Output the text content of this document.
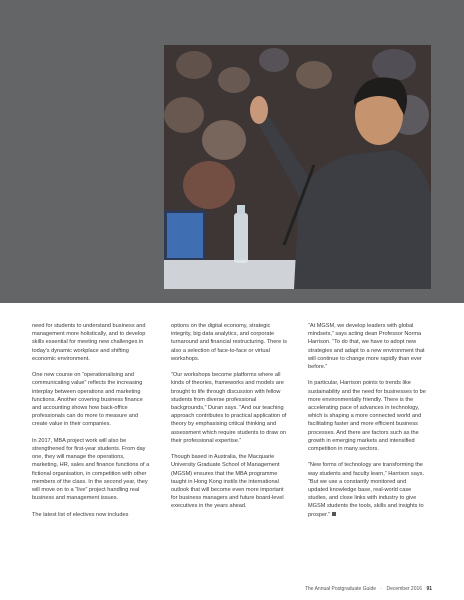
need for students to understand business and management more holistically, and to develop skills essential for meeting new challenges in today's dynamic workplace and shifting economic environment.

One new course on “operationalising and communicating value” reflects the increasing interplay between operations and marketing functions. Another covering business finance and accounting shows how back-office professionals can do more to measure and create value in their companies.

In 2017, MBA project work will also be strengthened for first-year students. From day one, they will manage the operations, marketing, HR, sales and finance functions of a fictional organisation, in competition with other members of the class. In the second year, they will move on to a “live” project handling real business and management issues.

The latest list of electives now includes

options on the digital economy, strategic integrity, big data analytics, and corporate turnaround and financial restructuring. There is also a selection of face-to-face or virtual workshops.

“Our workshops become platforms where all kinds of theories, frameworks and models are brought to life through discussion with fellow students from diverse professional backgrounds,” Duran says. “And our teaching approach contributes to practical application of theory by emphasising critical thinking and assessment which require students to draw on their professional expertise.”

Though based in Australia, the Macquarie University Graduate School of Management (MGSM) ensures that the MBA programme taught in Hong Kong instils the international outlook that will become even more important for business managers and future board-level executives in the years ahead.

“At MGSM, we develop leaders with global mindsets,” says acting dean Professor Norma Harrison. “To do that, we have to adopt new strategies and adapt to a new environment that will continue to change more rapidly than ever before.”

In particular, Harrison points to trends like sustainability and the need for businesses to be more environmentally friendly. There is the accelerating pace of advances in technology, which is shaping a more connected world and facilitating faster and more efficient business processes. And there are factors such as the growth in emerging markets and intensified competition in many sectors.

“New forms of technology are transforming the way students and faculty learn,” Harrison says. “But we use a constantly monitored and updated knowledge base, real-world case studies, and close links with industry to give MGSM students the tools, skills and insights to prosper.”

The Annual Postgraduate Guide · December 2016 91
